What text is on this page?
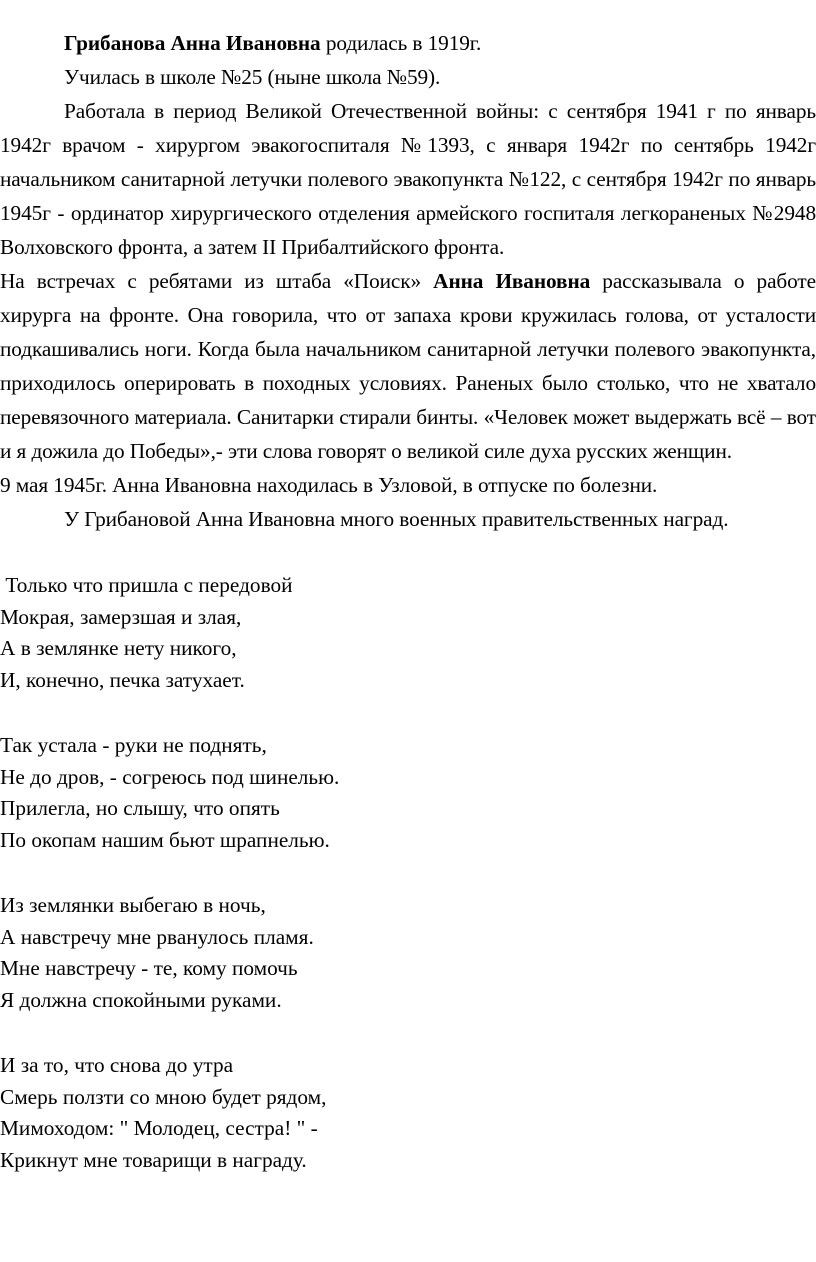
Грибанова Анна Ивановна родилась в 1919г.

Училась в школе №25 (ныне школа №59).

Работала в период Великой Отечественной войны: с сентября 1941 г по январь 1942г врачом - хирургом эвакогоспиталя №1393, с января 1942г по сентябрь 1942г начальником санитарной летучки полевого эвакопункта №122, с сентября 1942г по январь 1945г - ординатор хирургического отделения армейского госпиталя легкораненых №2948 Волховского фронта, а затем II Прибалтийского фронта.

На встречах с ребятами из штаба «Поиск» Анна Ивановна рассказывала о работе хирурга на фронте. Она говорила, что от запаха крови кружилась голова, от усталости подкашивались ноги. Когда была начальником санитарной летучки полевого эвакопункта, приходилось оперировать в походных условиях. Раненых было столько, что не хватало перевязочного материала. Санитарки стирали бинты. «Человек может выдержать всё – вот и я дожила до Победы»,- эти слова говорят о великой силе духа русских женщин.

9 мая 1945г. Анна Ивановна находилась в Узловой, в отпуске по болезни.

У Грибановой Анна Ивановна много военных правительственных наград.

Только что пришла с передовой
Мокрая, замерзшая и злая,
А в землянке нету никого,
И, конечно, печка затухает.
Так устала - руки не поднять,
Не до дров, - согреюсь под шинелью.
Прилегла, но слышу, что опять
По окопам нашим бьют шрапнелью.
Из землянки выбегаю в ночь,
А навстречу мне рванулось пламя.
Мне навстречу - те, кому помочь
Я должна спокойными руками.
И за то, что снова до утра
Смерь ползти со мною будет рядом,
Мимоходом: " Молодец, сестра! " -
Крикнут мне товарищи в награду.
